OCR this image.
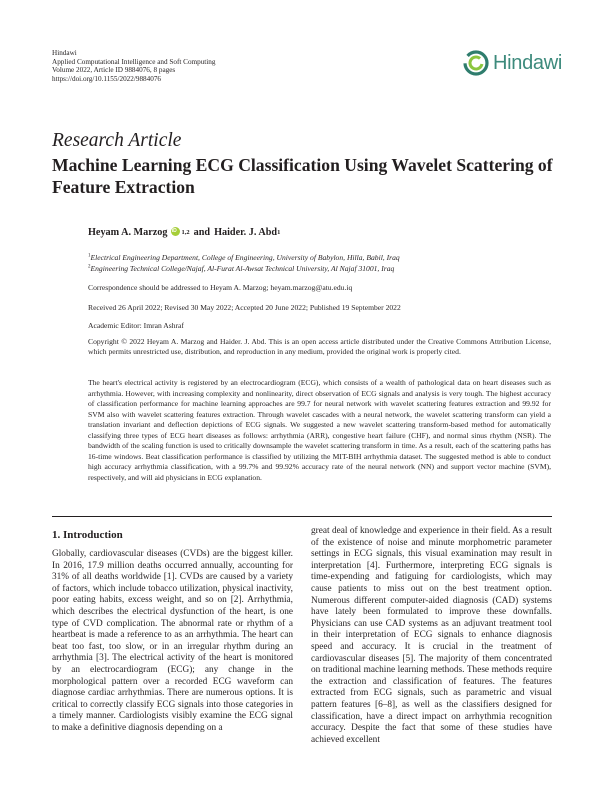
Hindawi
Applied Computational Intelligence and Soft Computing
Volume 2022, Article ID 9884076, 8 pages
https://doi.org/10.1155/2022/9884076
Hindawi
Research Article
Machine Learning ECG Classification Using Wavelet Scattering of Feature Extraction
Heyam A. Marzog
iD 1,2 and Haider. J. Abd 1
$^1$Electrical Engineering Department, College of Engineering, University of Babylon, Hilla, Babil, Iraq
$^2$Engineering Technical College/Najaf, Al-Furat Al-Awsat Technical University, Al Najaf 31001, Iraq
Correspondence should be addressed to Heyam A. Marzog; heyam.marzog@atu.edu.iq
Received 26 April 2022; Revised 30 May 2022; Accepted 20 June 2022; Published 19 September 2022
Academic Editor: Imran Ashraf
Copyright © 2022 Heyam A. Marzog and Haider. J. Abd. This is an open access article distributed under the Creative Commons Attribution License, which permits unrestricted use, distribution, and reproduction in any medium, provided the original work is properly cited.
The heart's electrical activity is registered by an electrocardiogram (ECG), which consists of a wealth of pathological data on heart diseases such as arrhythmia. However, with increasing complexity and nonlinearity, direct observation of ECG signals and analysis is very tough. The highest accuracy of classification performance for machine learning approaches are 99.7 for neural network with wavelet scattering features extraction and 99.92 for SVM also with wavelet scattering features extraction. Through wavelet cascades with a neural network, the wavelet scattering transform can yield a translation invariant and deflection depictions of ECG signals. We suggested a new wavelet scattering transform-based method for automatically classifying three types of ECG heart diseases as follows: arrhythmia (ARR), congestive heart failure (CHF), and normal sinus rhythm (NSR). The bandwidth of the scaling function is used to critically downsample the wavelet scattering transform in time. As a result, each of the scattering paths has 16-time windows. Beat classification performance is classified by utilizing the MIT-BIH arrhythmia dataset. The suggested method is able to conduct high accuracy arrhythmia classification, with a 99.7% and 99.92% accuracy rate of the neural network (NN) and support vector machine (SVM), respectively, and will aid physicians in ECG explanation.
1. Introduction
Globally, cardiovascular diseases (CVDs) are the biggest killer. In 2016, 17.9 million deaths occurred annually, accounting for 31% of all deaths worldwide [1]. CVDs are caused by a variety of factors, which include tobacco utilization, physical inactivity, poor eating habits, excess weight, and so on [2]. Arrhythmia, which describes the electrical dysfunction of the heart, is one type of CVD complication. The abnormal rate or rhythm of a heartbeat is made a reference to as an arrhythmia. The heart can beat too fast, too slow, or in an irregular rhythm during an arrhythmia [3]. The electrical activity of the heart is monitored by an electrocardiogram (ECG); any change in the morphological pattern over a recorded ECG waveform can diagnose cardiac arrhythmias. There are numerous options. It is critical to correctly classify ECG signals into those categories in a timely manner. Cardiologists visibly examine the ECG signal to make a definitive diagnosis depending on a
great deal of knowledge and experience in their field. As a result of the existence of noise and minute morphometric parameter settings in ECG signals, this visual examination may result in interpretation [4]. Furthermore, interpreting ECG signals is time-expending and fatiguing for cardiologists, which may cause patients to miss out on the best treatment option. Numerous different computer-aided diagnosis (CAD) systems have lately been formulated to improve these downfalls. Physicians can use CAD systems as an adjuvant treatment tool in their interpretation of ECG signals to enhance diagnosis speed and accuracy. It is crucial in the treatment of cardiovascular diseases [5]. The majority of them concentrated on traditional machine learning methods. These methods require the extraction and classification of features. The features extracted from ECG signals, such as parametric and visual pattern features [6–8], as well as the classifiers designed for classification, have a direct impact on arrhythmia recognition accuracy. Despite the fact that some of these studies have achieved excellent
